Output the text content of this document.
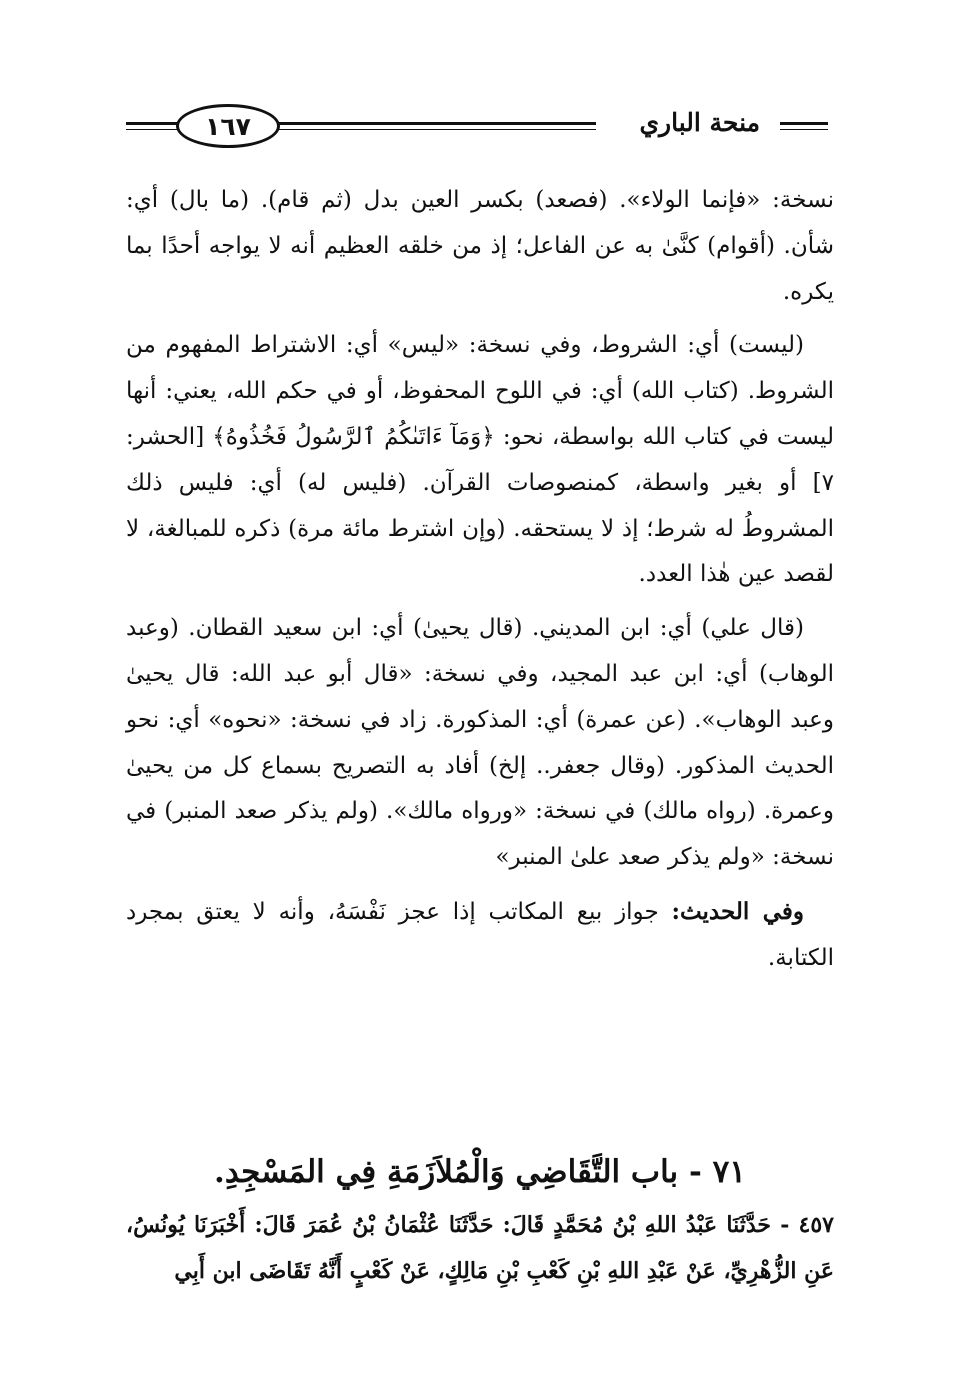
١٦٧	منحة الباري

نسخة: «فإنما الولاء». (فصعد) بكسر العين بدل (ثم قام). (ما بال) أي: شأن. (أقوام) كنَّىٰ به عن الفاعل؛ إذ من خلقه العظيم أنه لا يواجه أحدًا بما يكره.

(ليست) أي: الشروط، وفي نسخة: «ليس» أي: الاشتراط المفهوم من الشروط. (كتاب الله) أي: في اللوح المحفوظ، أو في حكم الله، يعني: أنها ليست في كتاب الله بواسطة، نحو: ﴿وَمَآ ءَاتَىٰكُمُ ٱلرَّسُولُ فَخُذُوهُ﴾ [الحشر: ٧] أو بغير واسطة، كمنصوصات القرآن. (فليس له) أي: فليس ذلك المشروطُ له شرط؛ إذ لا يستحقه. (وإن اشترط مائة مرة) ذكره للمبالغة، لا لقصد عين هٰذا العدد.

(قال علي) أي: ابن المديني. (قال يحيىٰ) أي: ابن سعيد القطان. (وعبد الوهاب) أي: ابن عبد المجيد، وفي نسخة: «قال أبو عبد الله: قال يحيىٰ وعبد الوهاب». (عن عمرة) أي: المذكورة. زاد في نسخة: «نحوه» أي: نحو الحديث المذكور. (وقال جعفر.. إلخ) أفاد به التصريح بسماع كل من يحيىٰ وعمرة. (رواه مالك) في نسخة: «ورواه مالك». (ولم يذكر صعد المنبر) في نسخة: «ولم يذكر صعد علىٰ المنبر»

وفي الحديث: جواز بيع المكاتب إذا عجز نَفْسَهُ، وأنه لا يعتق بمجرد الكتابة.

٧١ - باب التَّقَاضِي وَالْمُلاَزَمَةِ فِي المَسْجِدِ.
٤٥٧ - حَدَّثَنَا عَبْدُ اللهِ بْنُ مُحَمَّدٍ قَالَ: حَدَّثَنَا عُثْمَانُ بْنُ عُمَرَ قَالَ: أَخْبَرَنَا يُونُسُ، عَنِ الزُّهْرِيِّ، عَنْ عَبْدِ اللهِ بْنِ كَعْبِ بْنِ مَالِكٍ، عَنْ كَعْبٍ أَنَّهُ تَقَاضَى ابن أَبِي
